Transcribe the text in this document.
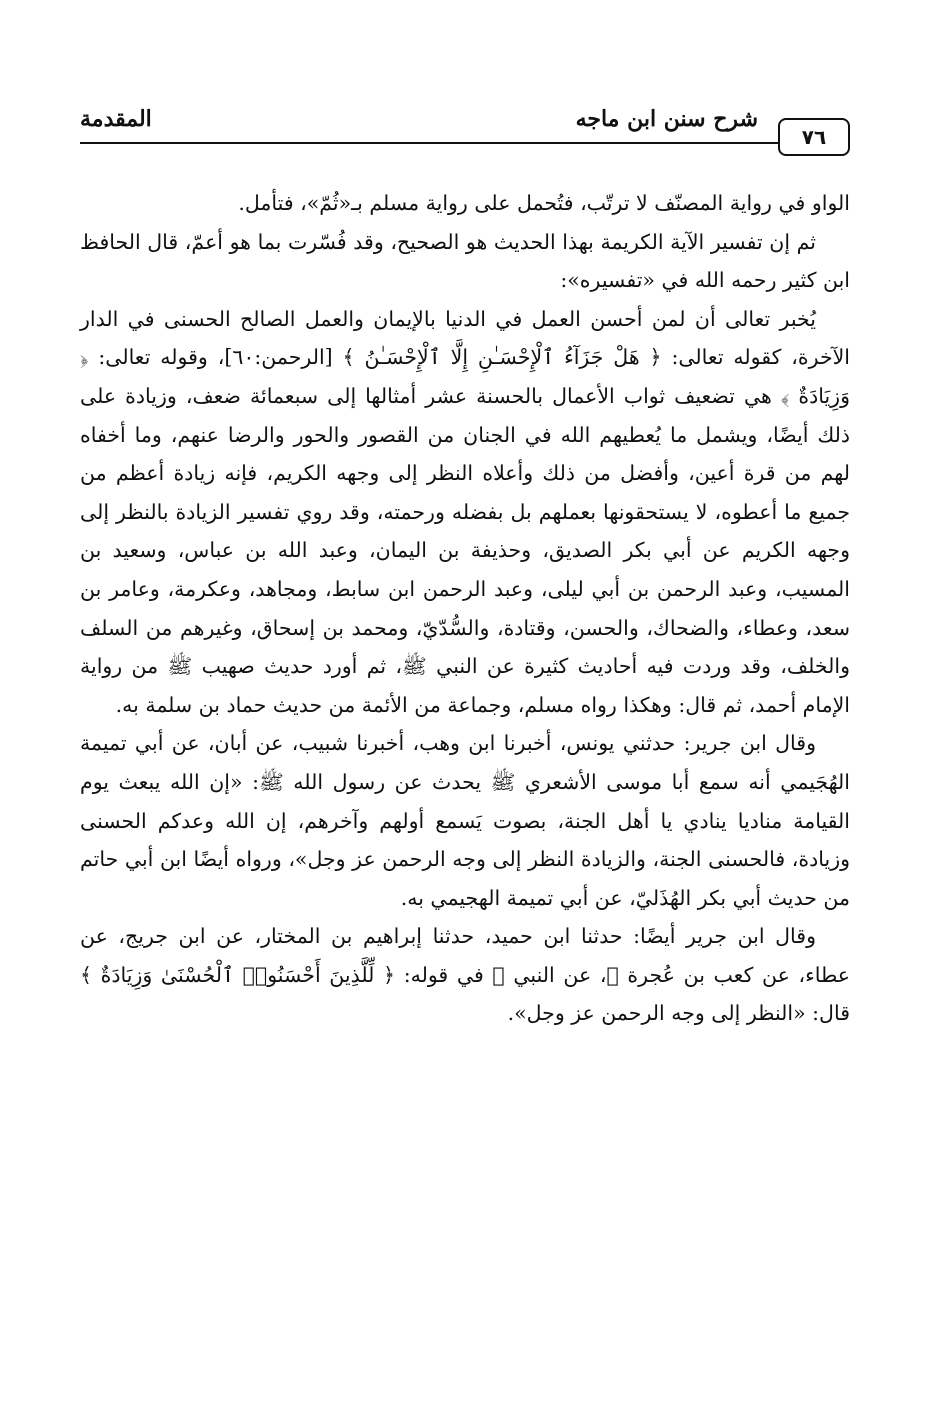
٧٦
شرح سنن ابن ماجه
المقدمة

الواو في رواية المصنّف لا ترتّب، فتُحمل على رواية مسلم بـ«ثُمّ»، فتأمل.

ثم إن تفسير الآية الكريمة بهذا الحديث هو الصحيح، وقد فُسّرت بما هو أعمّ، قال الحافظ ابن كثير رحمه الله في «تفسيره»:

يُخبر تعالى أن لمن أحسن العمل في الدنيا بالإيمان والعمل الصالح الحسنى في الدار الآخرة، كقوله تعالى: ﴿ هَلْ جَزَآءُ ٱلْإِحْسَـٰنِ إِلَّا ٱلْإِحْسَـٰنُ ﴾ [الرحمن:٦٠]، وقوله تعالى: ﴿ وَزِيَادَةٌ ﴾ هي تضعيف ثواب الأعمال بالحسنة عشر أمثالها إلى سبعمائة ضعف، وزيادة على ذلك أيضًا، ويشمل ما يُعطيهم الله في الجنان من القصور والحور والرضا عنهم، وما أخفاه لهم من قرة أعين، وأفضل من ذلك وأعلاه النظر إلى وجهه الكريم، فإنه زيادة أعظم من جميع ما أعطوه، لا يستحقونها بعملهم بل بفضله ورحمته، وقد روي تفسير الزيادة بالنظر إلى وجهه الكريم عن أبي بكر الصديق، وحذيفة بن اليمان، وعبد الله بن عباس، وسعيد بن المسيب، وعبد الرحمن بن أبي ليلى، وعبد الرحمن ابن سابط، ومجاهد، وعكرمة، وعامر بن سعد، وعطاء، والضحاك، والحسن، وقتادة، والسُّدّيّ، ومحمد بن إسحاق، وغيرهم من السلف والخلف، وقد وردت فيه أحاديث كثيرة عن النبي ﷺ، ثم أورد حديث صهيب ﷺ من رواية الإمام أحمد، ثم قال: وهكذا رواه مسلم، وجماعة من الأئمة من حديث حماد بن سلمة به.

وقال ابن جرير: حدثني يونس، أخبرنا ابن وهب، أخبرنا شبيب، عن أبان، عن أبي تميمة الهُجَيمي أنه سمع أبا موسى الأشعري ﷺ يحدث عن رسول الله ﷺ: «إن الله يبعث يوم القيامة مناديا ينادي يا أهل الجنة، بصوت يَسمع أولهم وآخرهم، إن الله وعدكم الحسنى وزيادة، فالحسنى الجنة، والزيادة النظر إلى وجه الرحمن عز وجل»، ورواه أيضًا ابن أبي حاتم من حديث أبي بكر الهُذَليّ، عن أبي تميمة الهجيمي به.

وقال ابن جرير أيضًا: حدثنا ابن حميد، حدثنا إبراهيم بن المختار، عن ابن جريج، عن عطاء، عن كعب بن عُجرة ﷺ، عن النبي ﷺ في قوله: ﴿ لِّلَّذِينَ أَحْسَنُوا۟ ٱلْحُسْنَىٰ وَزِيَادَةٌ ﴾ قال: «النظر إلى وجه الرحمن عز وجل».
